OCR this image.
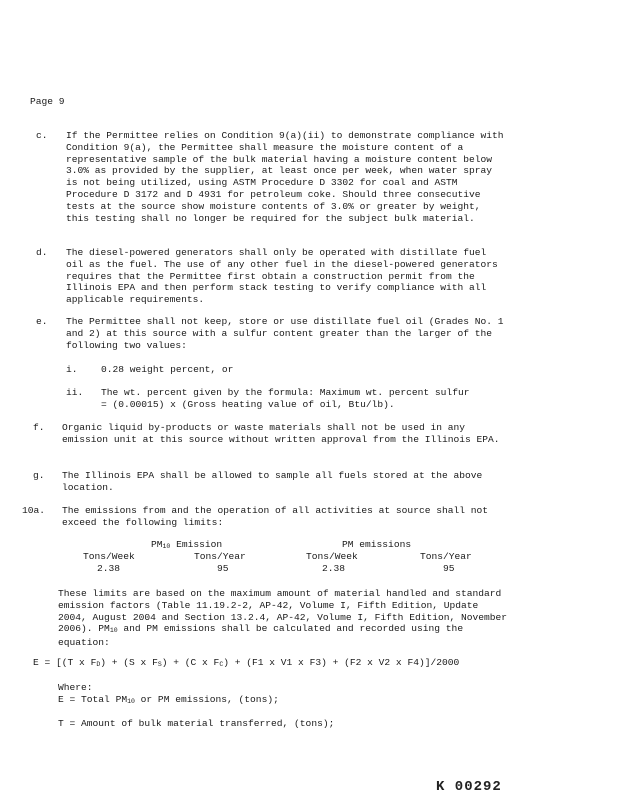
Page 9
c. If the Permittee relies on Condition 9(a)(ii) to demonstrate compliance with Condition 9(a), the Permittee shall measure the moisture content of a representative sample of the bulk material having a moisture content below 3.0% as provided by the supplier, at least once per week, when water spray is not being utilized, using ASTM Procedure D 3302 for coal and ASTM Procedure D 3172 and D 4931 for petroleum coke. Should three consecutive tests at the source show moisture contents of 3.0% or greater by weight, this testing shall no longer be required for the subject bulk material.

d. The diesel-powered generators shall only be operated with distillate fuel oil as the fuel. The use of any other fuel in the diesel-powered generators requires that the Permittee first obtain a construction permit from the Illinois EPA and then perform stack testing to verify compliance with all applicable requirements.

e. The Permittee shall not keep, store or use distillate fuel oil (Grades No. 1 and 2) at this source with a sulfur content greater than the larger of the following two values:

i. 0.28 weight percent, or
ii. The wt. percent given by the formula: Maximum wt. percent sulfur
= (0.00015) x (Gross heating value of oil, Btu/lb).
f. Organic liquid by-products or waste materials shall not be used in any emission unit at this source without written approval from the Illinois EPA.

g. The Illinois EPA shall be allowed to sample all fuels stored at the above location.

10a. The emissions from and the operation of all activities at source shall not exceed the following limits:

PM10 Emission	PM emissions
Tons/Week	Tons/Year	Tons/Week	Tons/Year
2.38	95	2.38	95

These limits are based on the maximum amount of material handled and standard emission factors (Table 11.19.2-2, AP-42, Volume I, Fifth Edition, Update 2004, August 2004 and Section 13.2.4, AP-42, Volume I, Fifth Edition, November 2006). PM10 and PM emissions shall be calculated and recorded using the equation:

E = [(T x FD) + (S x FS) + (C x FC) + (F1 x V1 x F3) + (F2 x V2 x F4)]/2000
Where:
E = Total PM10 or PM emissions, (tons);
T = Amount of bulk material transferred, (tons);
K 00292
